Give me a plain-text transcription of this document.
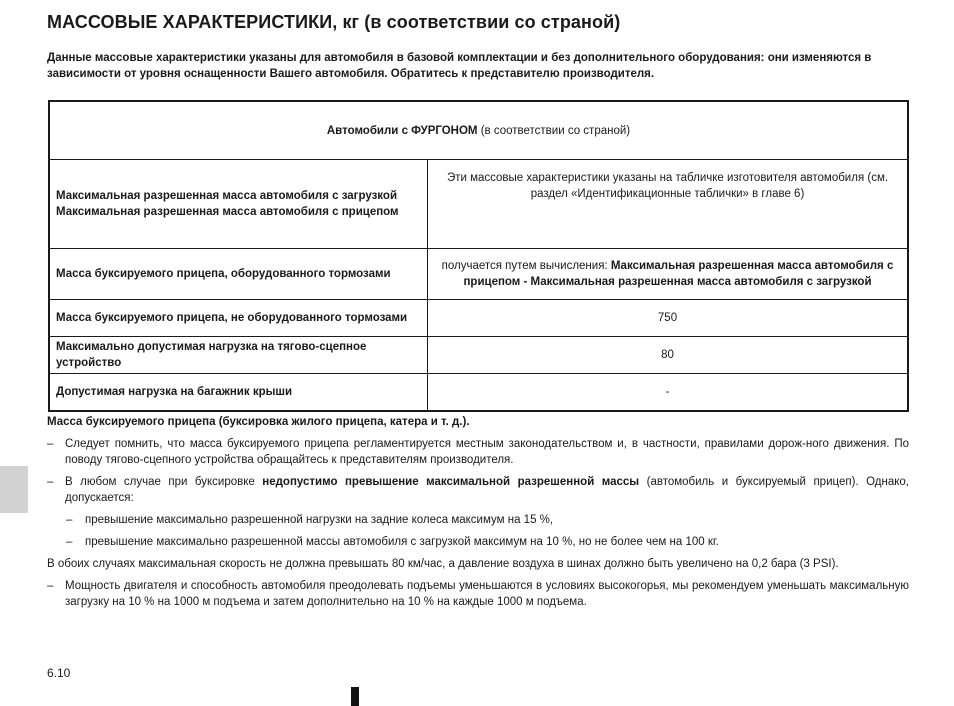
МАССОВЫЕ ХАРАКТЕРИСТИКИ, кг (в соответствии со страной)
Данные массовые характеристики указаны для автомобиля в базовой комплектации и без дополнительного оборудования: они изменяются в зависимости от уровня оснащенности Вашего автомобиля. Обратитесь к представителю производителя.
Автомобили с ФУРГОНОМ (в соответствии со страной)	

Максимальная разрешенная масса автомобиля с загрузкой
Максимальная разрешенная масса автомобиля с прицепом	Эти массовые характеристики указаны на табличке изготовителя автомобиля (см. раздел «Идентификационные таблички» в главе 6)
Масса буксируемого прицепа, оборудованного тормозами	получается путем вычисления: Максимальная разрешенная масса автомобиля с прицепом - Максимальная разрешенная масса автомобиля с загрузкой
Масса буксируемого прицепа, не оборудованного тормозами	750
Максимально допустимая нагрузка на тягово-сцепное устройство	80
Допустимая нагрузка на багажник крыши	-
Масса буксируемого прицепа (буксировка жилого прицепа, катера и т. д.).
– Следует помнить, что масса буксируемого прицепа регламентируется местным законодательством и, в частности, правилами дорож-ного движения. По поводу тягово-сцепного устройства обращайтесь к представителям производителя.
– В любом случае при буксировке недопустимо превышение максимальной разрешенной массы (автомобиль и буксируемый прицеп). Однако, допускается:
– превышение максимально разрешенной нагрузки на задние колеса максимум на 15 %,
– превышение максимально разрешенной массы автомобиля с загрузкой максимум на 10 %, но не более чем на 100 кг.
В обоих случаях максимальная скорость не должна превышать 80 км/час, а давление воздуха в шинах должно быть увеличено на 0,2 бара (3 PSI).
– Мощность двигателя и способность автомобиля преодолевать подъемы уменьшаются в условиях высокогорья, мы рекомендуем уменьшать максимальную загрузку на 10 % на 1000 м подъема и затем дополнительно на 10 % на каждые 1000 м подъема.
6.10
